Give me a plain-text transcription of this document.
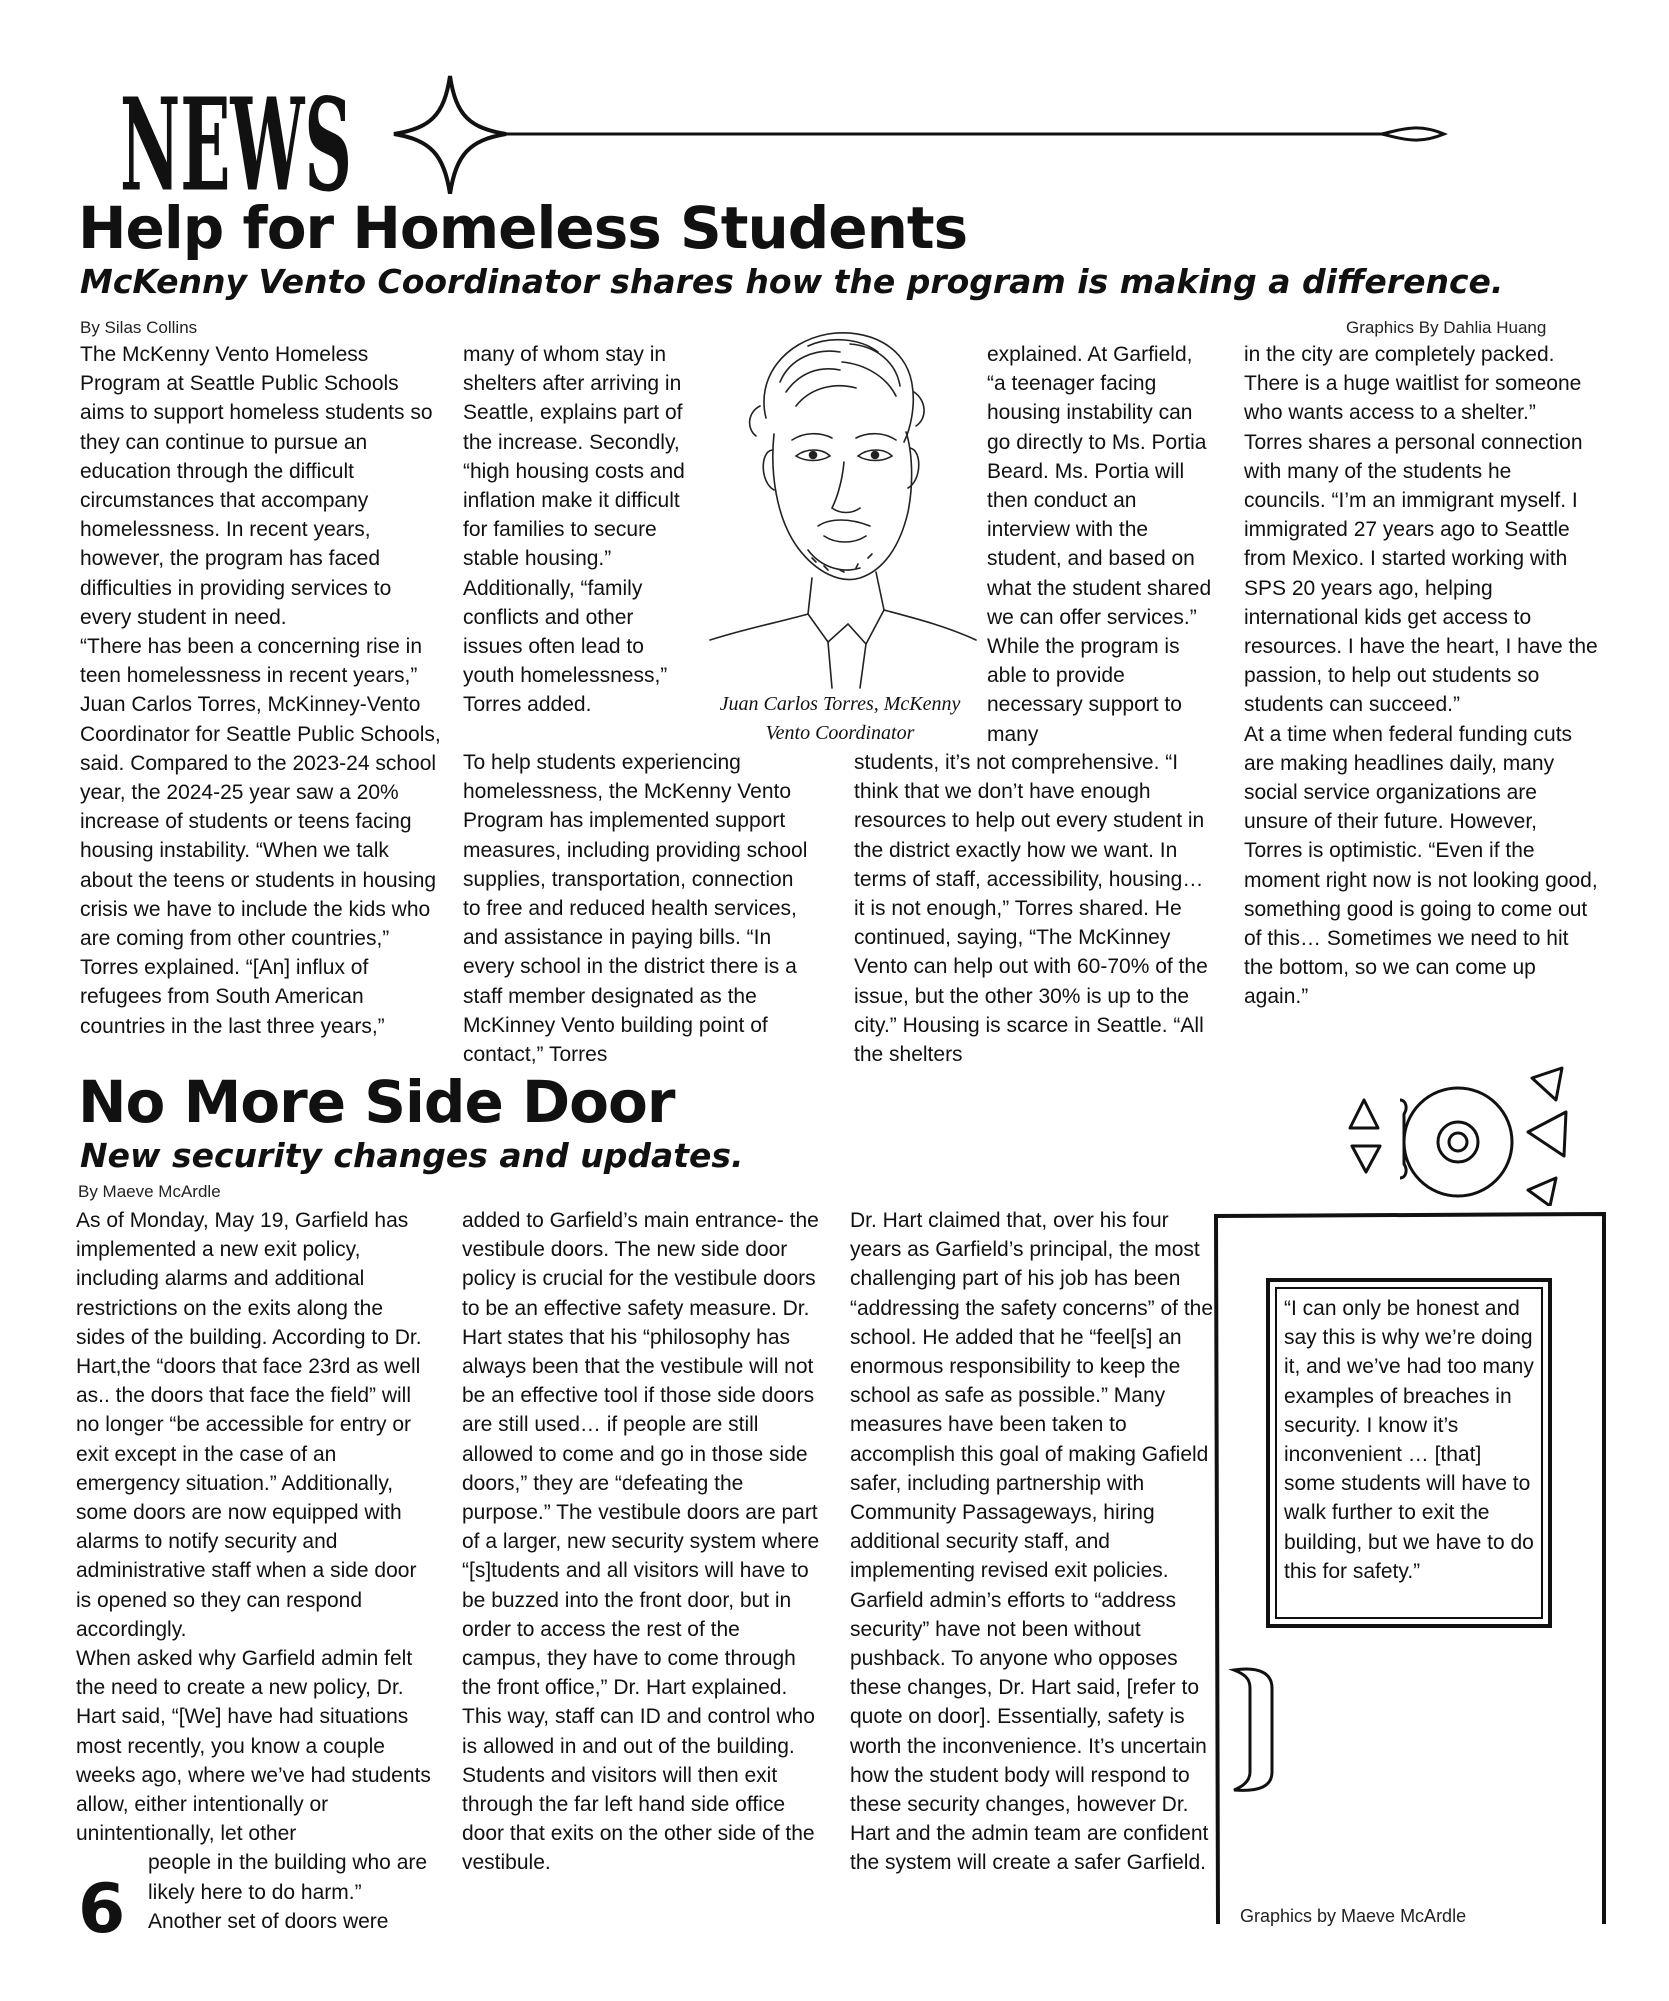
NEWS
Help for Homeless Students
McKenny Vento Coordinator shares how the program is making a difference.
By Silas Collins	Graphics By Dahlia Huang

The McKenny Vento Homeless Program at Seattle Public Schools aims to support homeless students so they can continue to pursue an education through the difficult circumstances that accompany homelessness. In recent years, however, the program has faced difficulties in providing services to every student in need.

“There has been a concerning rise in teen homelessness in recent years,” Juan Carlos Torres, McKinney-Vento Coordinator for Seattle Public Schools, said. Compared to the 2023-24 school year, the 2024-25 year saw a 20% increase of students or teens facing housing instability. “When we talk about the teens or students in housing crisis we have to include the kids who are coming from other countries,” Torres explained. “[An] influx of refugees from South American countries in the last three years,”

many of whom stay in shelters after arriving in Seattle, explains part of the increase. Secondly, “high housing costs and inflation make it difficult for families to secure stable housing.” Additionally, “family conflicts and other issues often lead to youth homelessness,” Torres added.

To help students experiencing homelessness, the McKenny Vento Program has implemented support measures, including providing school supplies, transportation, connection to free and reduced health services, and assistance in paying bills. “In every school in the district there is a staff member designated as the McKinney Vento building point of contact,” Torres

Juan Carlos Torres, McKenny
Vento Coordinator

explained. At Garfield, “a teenager facing housing instability can go directly to Ms. Portia Beard. Ms. Portia will then conduct an interview with the student, and based on what the student shared we can offer services.”

While the program is able to provide necessary support to many

students, it’s not comprehensive. “I think that we don’t have enough resources to help out every student in the district exactly how we want. In terms of staff, accessibility, housing… it is not enough,” Torres shared. He continued, saying, “The McKinney Vento can help out with 60-70% of the issue, but the other 30% is up to the city.” Housing is scarce in Seattle. “All the shelters

in the city are completely packed. There is a huge waitlist for someone who wants access to a shelter.”

Torres shares a personal connection with many of the students he councils. “I’m an immigrant myself. I immigrated 27 years ago to Seattle from Mexico. I started working with SPS 20 years ago, helping international kids get access to resources. I have the heart, I have the passion, to help out students so students can succeed.”

At a time when federal funding cuts are making headlines daily, many social service organizations are unsure of their future. However, Torres is optimistic. “Even if the moment right now is not looking good, something good is going to come out of this… Sometimes we need to hit the bottom, so we can come up again.”

No More Side Door
New security changes and updates.
By Maeve McArdle

As of Monday, May 19, Garfield has implemented a new exit policy, including alarms and additional restrictions on the exits along the sides of the building. According to Dr. Hart,the “doors that face 23rd as well as.. the doors that face the field” will no longer “be accessible for entry or exit except in the case of an emergency situation.” Additionally, some doors are now equipped with alarms to notify security and administrative staff when a side door is opened so they can respond accordingly.

When asked why Garfield admin felt the need to create a new policy, Dr. Hart said, “[We] have had situations most recently, you know a couple weeks ago, where we’ve had students allow, either intentionally or unintentionally, let other

people in the building who are likely here to do harm.” Another set of doors were

6

added to Garfield’s main entrance- the vestibule doors. The new side door policy is crucial for the vestibule doors to be an effective safety measure. Dr. Hart states that his “philosophy has always been that the vestibule will not be an effective tool if those side doors are still used… if people are still allowed to come and go in those side doors,” they are “defeating the purpose.” The vestibule doors are part of a larger, new security system where “[s]tudents and all visitors will have to be buzzed into the front door, but in order to access the rest of the campus, they have to come through the front office,” Dr. Hart explained. This way, staff can ID and control who is allowed in and out of the building. Students and visitors will then exit through the far left hand side office door that exits on the other side of the vestibule.

Dr. Hart claimed that, over his four years as Garfield’s principal, the most challenging part of his job has been “addressing the safety concerns” of the school. He added that he “feel[s] an enormous responsibility to keep the school as safe as possible.” Many measures have been taken to accomplish this goal of making Gafield safer, including partnership with Community Passageways, hiring additional security staff, and implementing revised exit policies.

Garfield admin’s efforts to “address security” have not been without pushback. To anyone who opposes these changes, Dr. Hart said, [refer to quote on door]. Essentially, safety is worth the inconvenience. It’s uncertain how the student body will respond to these security changes, however Dr. Hart and the admin team are confident the system will create a safer Garfield.

“I can only be honest and say this is why we’re doing it, and we’ve had too many examples of breaches in security. I know it’s inconvenient … [that] some students will have to walk further to exit the building, but we have to do this for safety.”
Graphics by Maeve McArdle
